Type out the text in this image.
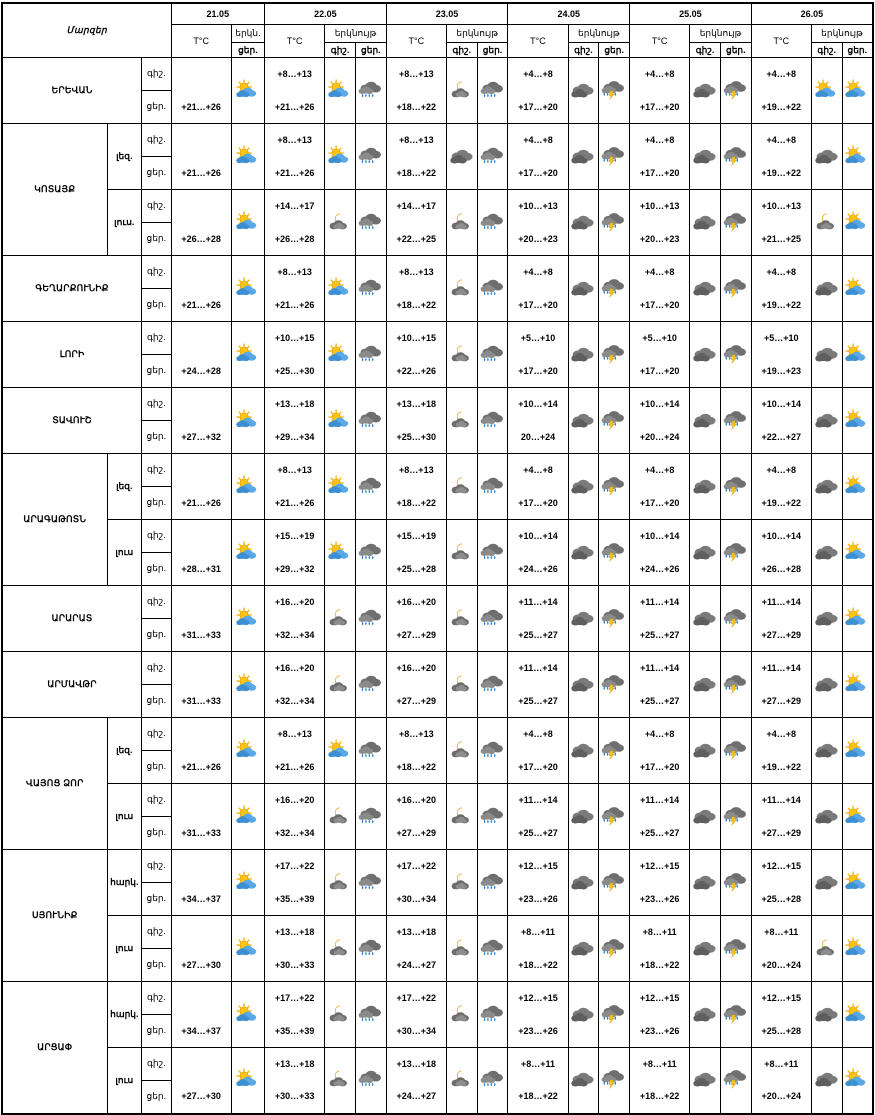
Մարզեր			21.05		22.05			23.05			24.05			25.05			26.05		
			T°C	երկն.	T°C	երկնույթ		T°C	երկնույթ		T°C	երկնույթ		T°C	երկնույթ		T°C	երկնույթ	
				ցեր.		գիշ.	ցեր.		գիշ.	ցեր.		գիշ.	ցեր.		գիշ.	ցեր.		գիշ.	ցեր.
ԵՐԵՎԱՆ		գիշ.			+8…+13			+8…+13			+4…+8			+4…+8			+4…+8	

		ցեր.	+21…+26		+21…+26			+18…+22			+17…+20			+17…+20			+19…+22		
ԿՈՏԱՅՔ	լեզ.	գիշ.			+8…+13			+8…+13			+4…+8			+4…+8			+4…+8	

		ցեր.	+21…+26		+21…+26			+18…+22			+17…+20			+17…+20			+19…+22		
	լուս.	գիշ.			+14…+17			+14…+17			+10…+13			+10…+13			+10…+13	

		ցեր.	+26…+28		+26…+28			+22…+25			+20…+23			+20…+23			+21…+25		
ԳԵՂԱՐՔՈՒՆԻՔ		գիշ.			+8…+13			+8…+13			+4…+8			+4…+8			+4…+8	

		ցեր.	+21…+26		+21…+26			+18…+22			+17…+20			+17…+20			+19…+22		
ԼՈՐԻ		գիշ.			+10…+15			+10…+15			+5…+10			+5…+10			+5…+10	

		ցեր.	+24…+28		+25…+30			+22…+26			+17…+20			+17…+20			+19…+23		
ՏԱՎՈՒՇ		գիշ.			+13…+18			+13…+18			+10…+14			+10…+14			+10…+14	

		ցեր.	+27…+32		+29…+34			+25…+30			20…+24			+20…+24			+22…+27		
ԱՐԱԳԱԹՈՏՆ	լեզ.	գիշ.			+8…+13			+8…+13			+4…+8			+4…+8			+4…+8	

		ցեր.	+21…+26		+21…+26			+18…+22			+17…+20			+17…+20			+19…+22		
	լուս	գիշ.			+15…+19			+15…+19			+10…+14			+10…+14			+10…+14	

		ցեր.	+28…+31		+29…+32			+25…+28			+24…+26			+24…+26			+26…+28		
ԱՐԱՐԱՏ		գիշ.			+16…+20			+16…+20			+11…+14			+11…+14			+11…+14	

		ցեր.	+31…+33		+32…+34			+27…+29			+25…+27			+25…+27			+27…+29		
ԱՐՄԱՎԹՐ		գիշ.			+16…+20			+16…+20			+11…+14			+11…+14			+11…+14	

		ցեր.	+31…+33		+32…+34			+27…+29			+25…+27			+25…+27			+27…+29		
ՎԱՅՈՑ ՁՈՐ	լեզ.	գիշ.			+8…+13			+8…+13			+4…+8			+4…+8			+4…+8	

		ցեր.	+21…+26		+21…+26			+18…+22			+17…+20			+17…+20			+19…+22		
	լուս	գիշ.			+16…+20			+16…+20			+11…+14			+11…+14			+11…+14	

		ցեր.	+31…+33		+32…+34			+27…+29			+25…+27			+25…+27			+27…+29		
ՍՅՈՒՆԻՔ	հարկ.	գիշ.			+17…+22			+17…+22			+12…+15			+12…+15			+12…+15	

		ցեր.	+34…+37		+35…+39			+30…+34			+23…+26			+23…+26			+25…+28		
	լուս	գիշ.			+13…+18			+13…+18			+8…+11			+8…+11			+8…+11	

		ցեր.	+27…+30		+30…+33			+24…+27			+18…+22			+18…+22			+20…+24		
ԱՐՑԱՓ	հարկ.	գիշ.			+17…+22			+17…+22			+12…+15			+12…+15			+12…+15	

		ցեր.	+34…+37		+35…+39			+30…+34			+23…+26			+23…+26			+25…+28		
	լուս	գիշ.			+13…+18			+13…+18			+8…+11			+8…+11			+8…+11	

		ցեր.	+27…+30		+30…+33			+24…+27			+18…+22			+18…+22			+20…+24		
